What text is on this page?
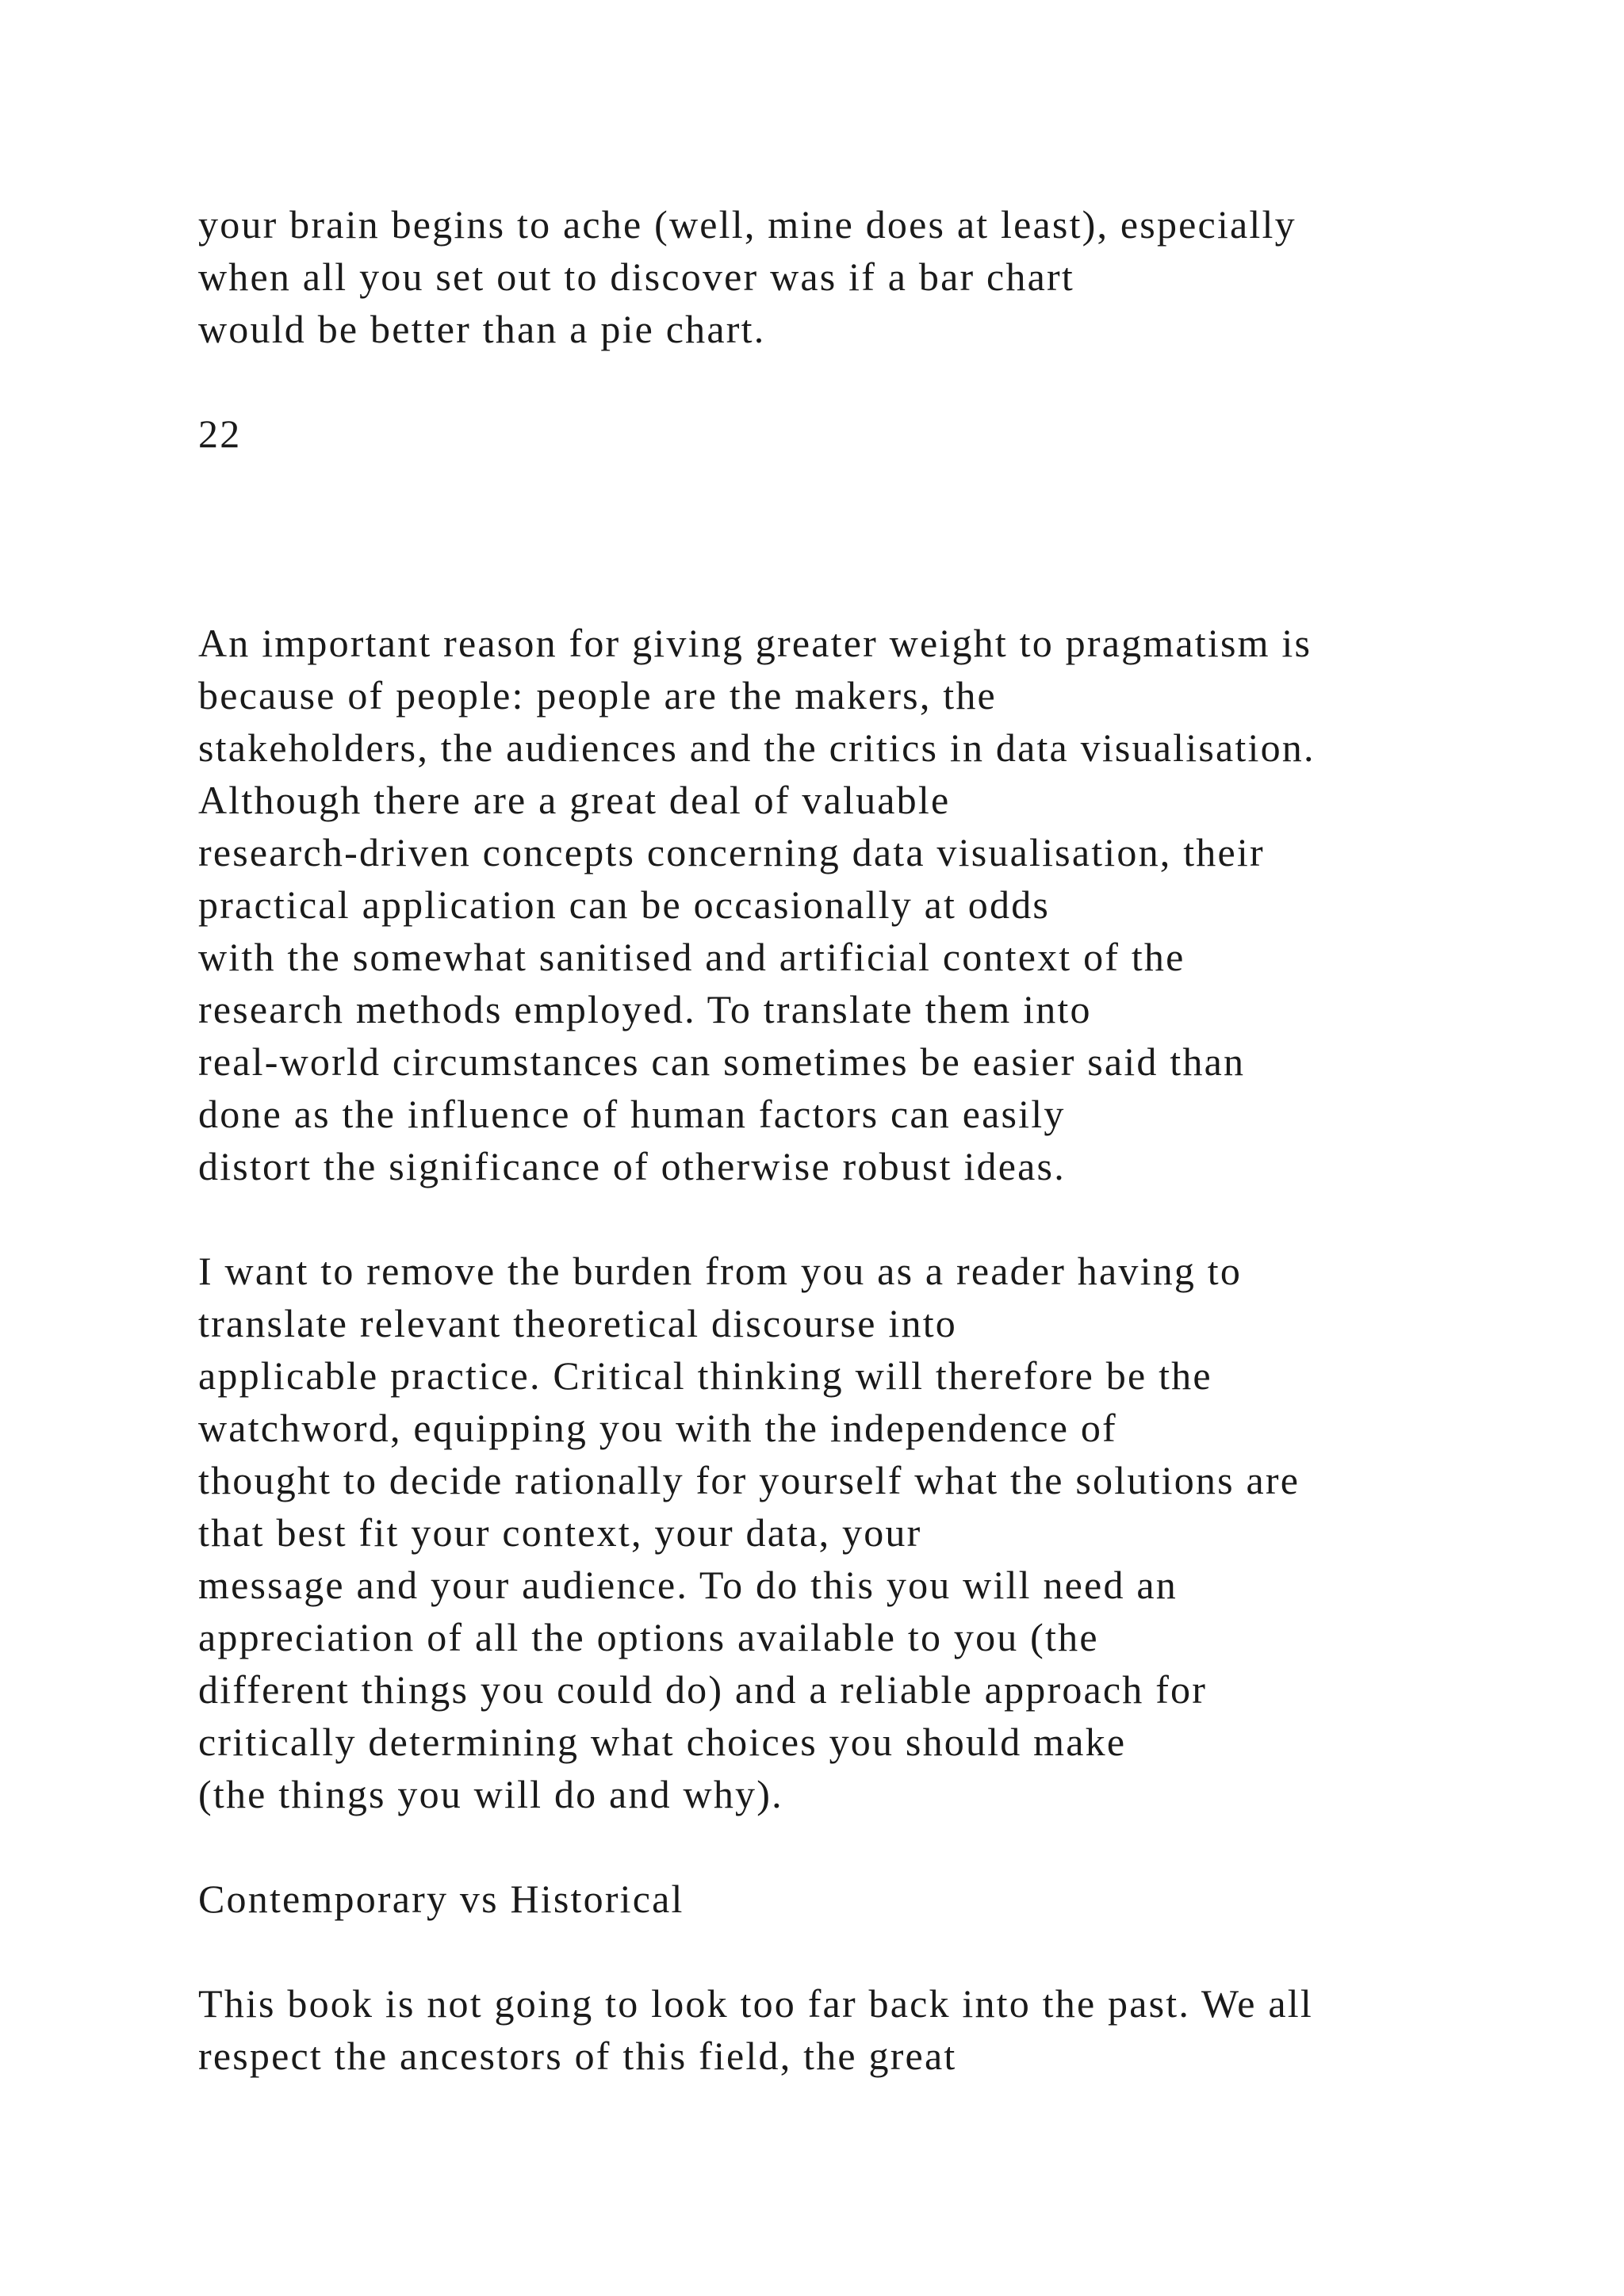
your brain begins to ache (well, mine does at least), especially
when all you set out to discover was if a bar chart
would be better than a pie chart.
22
An important reason for giving greater weight to pragmatism is
because of people: people are the makers, the
stakeholders, the audiences and the critics in data visualisation.
Although there are a great deal of valuable
research-driven concepts concerning data visualisation, their
practical application can be occasionally at odds
with the somewhat sanitised and artificial context of the
research methods employed. To translate them into
real-world circumstances can sometimes be easier said than
done as the influence of human factors can easily
distort the significance of otherwise robust ideas.
I want to remove the burden from you as a reader having to
translate relevant theoretical discourse into
applicable practice. Critical thinking will therefore be the
watchword, equipping you with the independence of
thought to decide rationally for yourself what the solutions are
that best fit your context, your data, your
message and your audience. To do this you will need an
appreciation of all the options available to you (the
different things you could do) and a reliable approach for
critically determining what choices you should make
(the things you will do and why).
Contemporary vs Historical
This book is not going to look too far back into the past. We all
respect the ancestors of this field, the great
